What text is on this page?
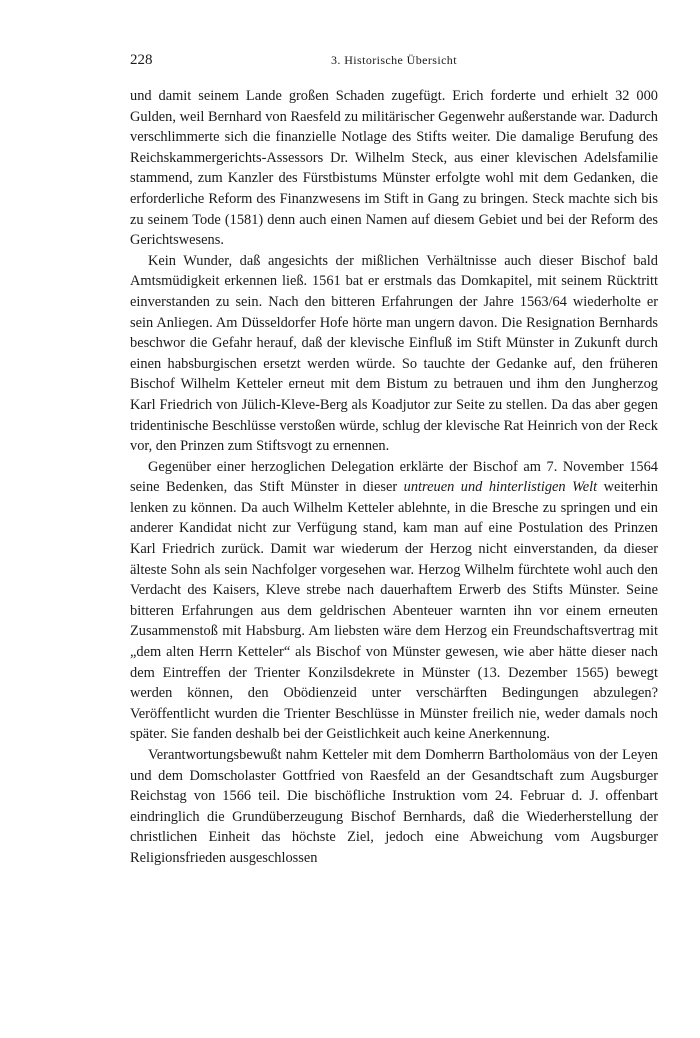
228	3. Historische Übersicht

und damit seinem Lande großen Schaden zugefügt. Erich forderte und erhielt 32 000 Gulden, weil Bernhard von Raesfeld zu militärischer Gegenwehr außerstande war. Dadurch verschlimmerte sich die finanzielle Notlage des Stifts weiter. Die damalige Berufung des Reichskammergerichts-Assessors Dr. Wilhelm Steck, aus einer klevischen Adelsfamilie stammend, zum Kanzler des Fürstbistums Münster erfolgte wohl mit dem Gedanken, die erforderliche Reform des Finanzwesens im Stift in Gang zu bringen. Steck machte sich bis zu seinem Tode (1581) denn auch einen Namen auf diesem Gebiet und bei der Reform des Gerichtswesens.

Kein Wunder, daß angesichts der mißlichen Verhältnisse auch dieser Bischof bald Amtsmüdigkeit erkennen ließ. 1561 bat er erstmals das Domkapitel, mit seinem Rücktritt einverstanden zu sein. Nach den bitteren Erfahrungen der Jahre 1563/64 wiederholte er sein Anliegen. Am Düsseldorfer Hofe hörte man ungern davon. Die Resignation Bernhards beschwor die Gefahr herauf, daß der klevische Einfluß im Stift Münster in Zukunft durch einen habsburgischen ersetzt werden würde. So tauchte der Gedanke auf, den früheren Bischof Wilhelm Ketteler erneut mit dem Bistum zu betrauen und ihm den Jungherzog Karl Friedrich von Jülich-Kleve-Berg als Koadjutor zur Seite zu stellen. Da das aber gegen tridentinische Beschlüsse verstoßen würde, schlug der klevische Rat Heinrich von der Reck vor, den Prinzen zum Stiftsvogt zu ernennen.

Gegenüber einer herzoglichen Delegation erklärte der Bischof am 7. November 1564 seine Bedenken, das Stift Münster in dieser untreuen und hinterlistigen Welt weiterhin lenken zu können. Da auch Wilhelm Ketteler ablehnte, in die Bresche zu springen und ein anderer Kandidat nicht zur Verfügung stand, kam man auf eine Postulation des Prinzen Karl Friedrich zurück. Damit war wiederum der Herzog nicht einverstanden, da dieser älteste Sohn als sein Nachfolger vorgesehen war. Herzog Wilhelm fürchtete wohl auch den Verdacht des Kaisers, Kleve strebe nach dauerhaftem Erwerb des Stifts Münster. Seine bitteren Erfahrungen aus dem geldrischen Abenteuer warnten ihn vor einem erneuten Zusammenstoß mit Habsburg. Am liebsten wäre dem Herzog ein Freundschaftsvertrag mit „dem alten Herrn Ketteler“ als Bischof von Münster gewesen, wie aber hätte dieser nach dem Eintreffen der Trienter Konzilsdekrete in Münster (13. Dezember 1565) bewegt werden können, den Obödienzeid unter verschärften Bedingungen abzulegen? Veröffentlicht wurden die Trienter Beschlüsse in Münster freilich nie, weder damals noch später. Sie fanden deshalb bei der Geistlichkeit auch keine Anerkennung.

Verantwortungsbewußt nahm Ketteler mit dem Domherrn Bartholomäus von der Leyen und dem Domscholaster Gottfried von Raesfeld an der Gesandtschaft zum Augsburger Reichstag von 1566 teil. Die bischöfliche Instruktion vom 24. Februar d. J. offenbart eindringlich die Grundüberzeugung Bischof Bernhards, daß die Wiederherstellung der christlichen Einheit das höchste Ziel, jedoch eine Abweichung vom Augsburger Religionsfrieden ausgeschlossen
